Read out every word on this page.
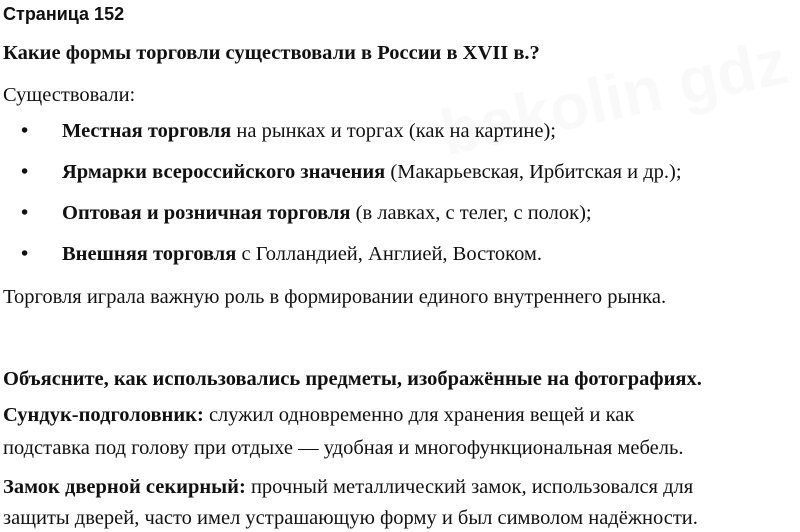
Страница 152
Какие формы торговли существовали в России в XVII в.?
Существовали:
• Местная торговля на рынках и торгах (как на картине);
• Ярмарки всероссийского значения (Макарьевская, Ирбитская и др.);
• Оптовая и розничная торговля (в лавках, с телег, с полок);
• Внешняя торговля с Голландией, Англией, Востоком.
Торговля играла важную роль в формировании единого внутреннего рынка.
Объясните, как использовались предметы, изображённые на фотографиях.
Сундук-подголовник: служил одновременно для хранения вещей и как
подставка под голову при отдыхе — удобная и многофункциональная мебель.
Замок дверной секирный: прочный металлический замок, использовался для
защиты дверей, часто имел устрашающую форму и был символом надёжности.
